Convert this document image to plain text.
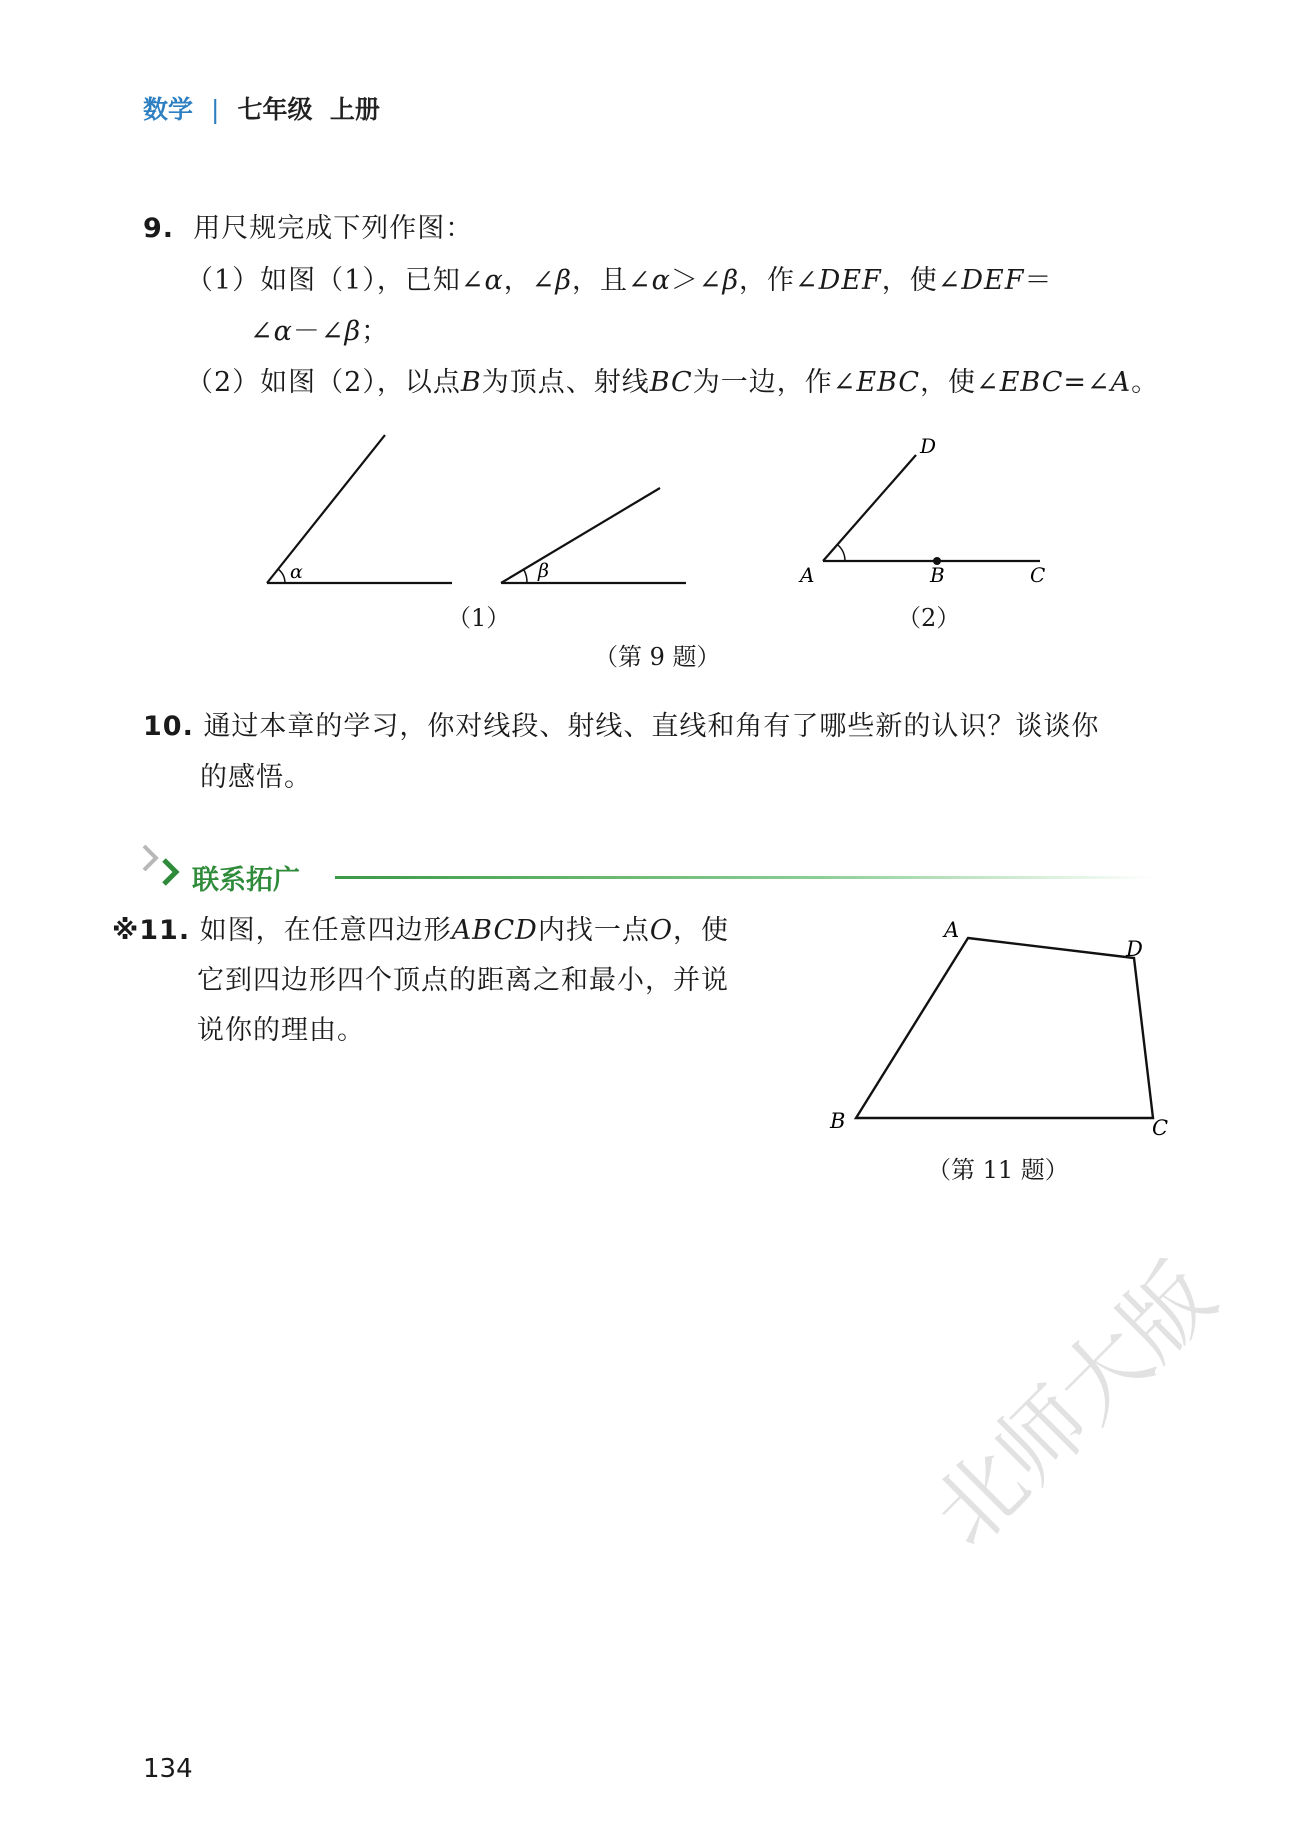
数学 | 七年级 上册
9. 用尺规完成下列作图：
（1）如图（1），已知∠α，∠β，且∠α＞∠β，作∠DEF，使∠DEF＝
∠α－∠β；
（2）如图（2），以点B为顶点、射线BC为一边，作∠EBC，使∠EBC=∠A。
α	β
D
A	B	C
（1）	（2）
（第 9 题）
10. 通过本章的学习，你对线段、射线、直线和角有了哪些新的认识？谈谈你
的感悟。
联系拓广
※11. 如图，在任意四边形ABCD内找一点O，使
它到四边形四个顶点的距离之和最小，并说
说你的理由。
A
D
B	C
（第 11 题）
134
北师大版
